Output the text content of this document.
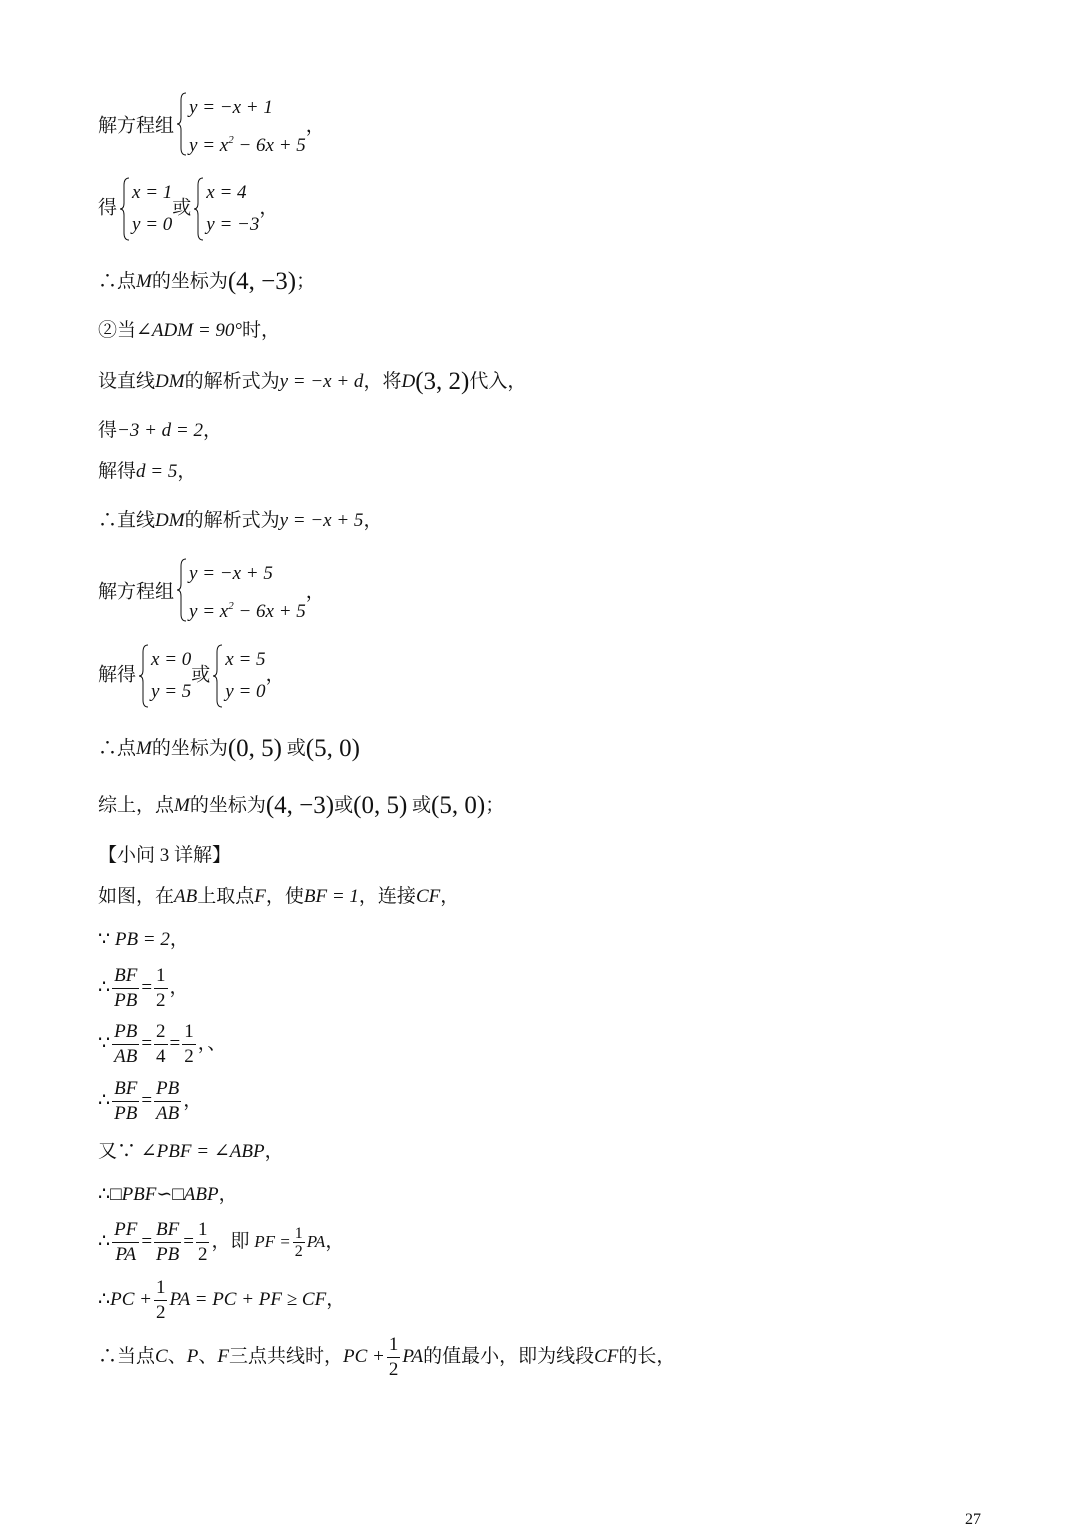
解方程组
y = −x + 1
$y = x^2 - 6x + 5$
，
得
x = 1
y = 0
或
x = 4
y = −3
，
∴点M的坐标为(4, −3)；
②当∠ADM = 90°时，
设直线DM的解析式为y = −x + d，将D(3, 2)代入，
得−3 + d = 2，
解得d = 5，
∴直线DM的解析式为y = −x + 5，
解方程组
y = −x + 5
$y = x^2 - 6x + 5$
，
解得
x = 0
y = 5
或
x = 5
y = 0
，
∴点M的坐标为(0, 5) 或(5, 0)
综上，点M的坐标为(4, −3)或(0, 5) 或(5, 0)；
【小问 3 详解】
如图，在AB上取点F，使BF = 1，连接CF，
∵ PB = 2，
∴ $\frac{BF}{PB} = \frac{1}{2}$ ，
∵ $\frac{PB}{AB} = \frac{2}{4} = \frac{1}{2}$ ，、
∴ $\frac{BF}{PB} = \frac{PB}{AB}$ ，
又∵ ∠PBF = ∠ABP，
∴□PBF∽□ABP，
∴ $\frac{PF}{PA} = \frac{BF}{PB} = \frac{1}{2}$ ，即 PF = $\frac{1}{2}$ PA，
∴PC + $\frac{1}{2}$ PA = PC + PF ≥ CF，
∴当点C、P、F三点共线时，PC + $\frac{1}{2}$ PA的值最小，即为线段CF的长，
27
